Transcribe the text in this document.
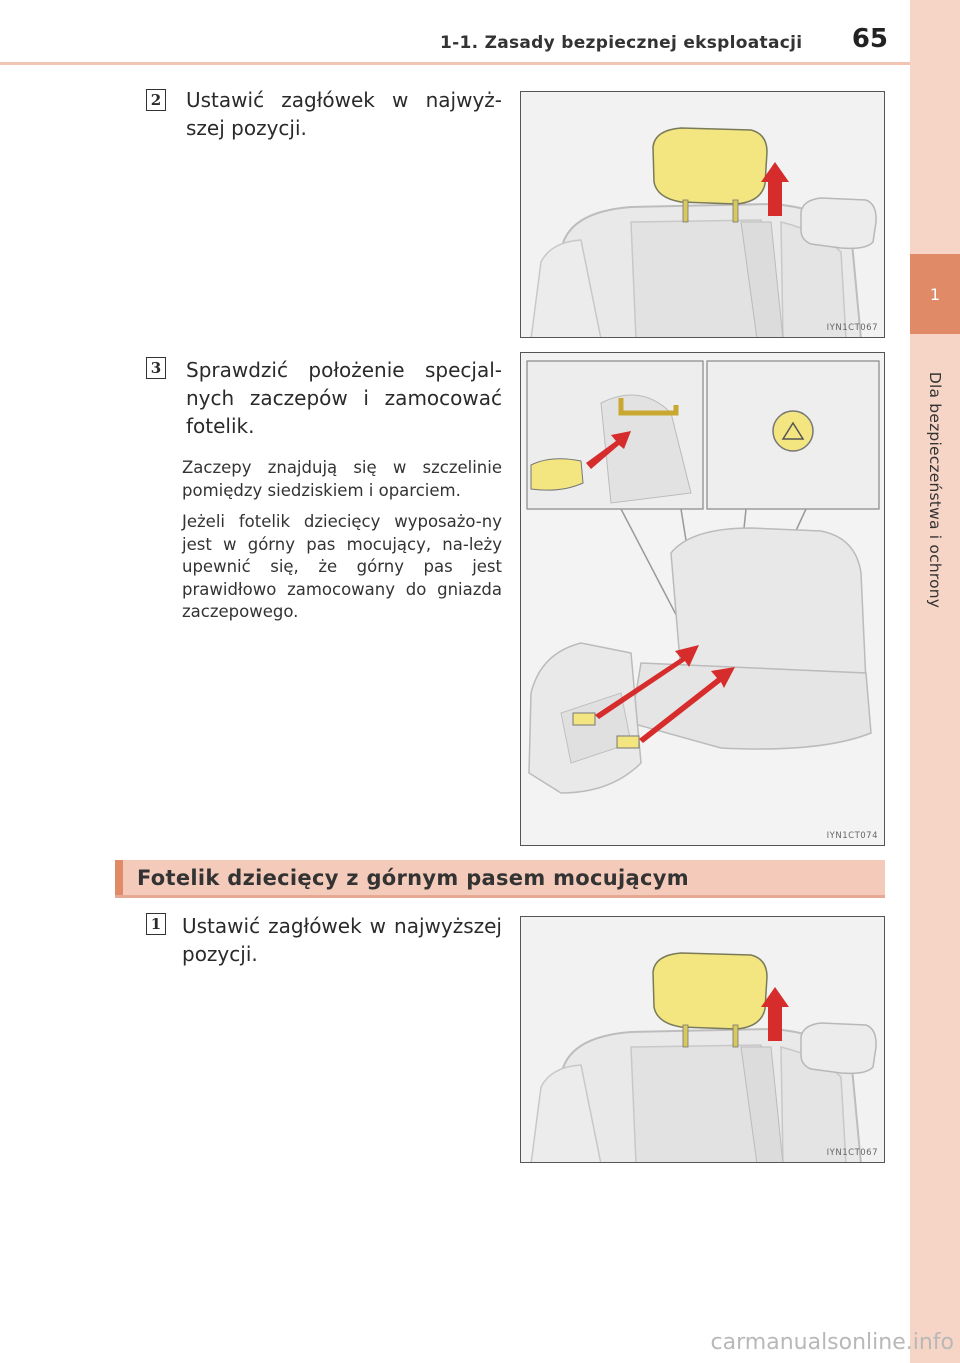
1-1. Zasady bezpiecznej eksploatacji 65
1
Dla bezpieczeństwa i ochrony
2 Ustawić zagłówek w najwyż-szej pozycji.
IYN1CT067
3 Sprawdzić położenie specjal-nych zaczepów i zamocować fotelik.

Zaczepy znajdują się w szczelinie pomiędzy siedziskiem i oparciem.

Jeżeli fotelik dziecięcy wyposażo-ny jest w górny pas mocujący, na-leży upewnić się, że górny pas jest prawidłowo zamocowany do gniazda zaczepowego.

IYN1CT074
Fotelik dziecięcy z górnym pasem mocującym
1 Ustawić zagłówek w najwyższej pozycji.
IYN1CT067
carmanualsonline.info
